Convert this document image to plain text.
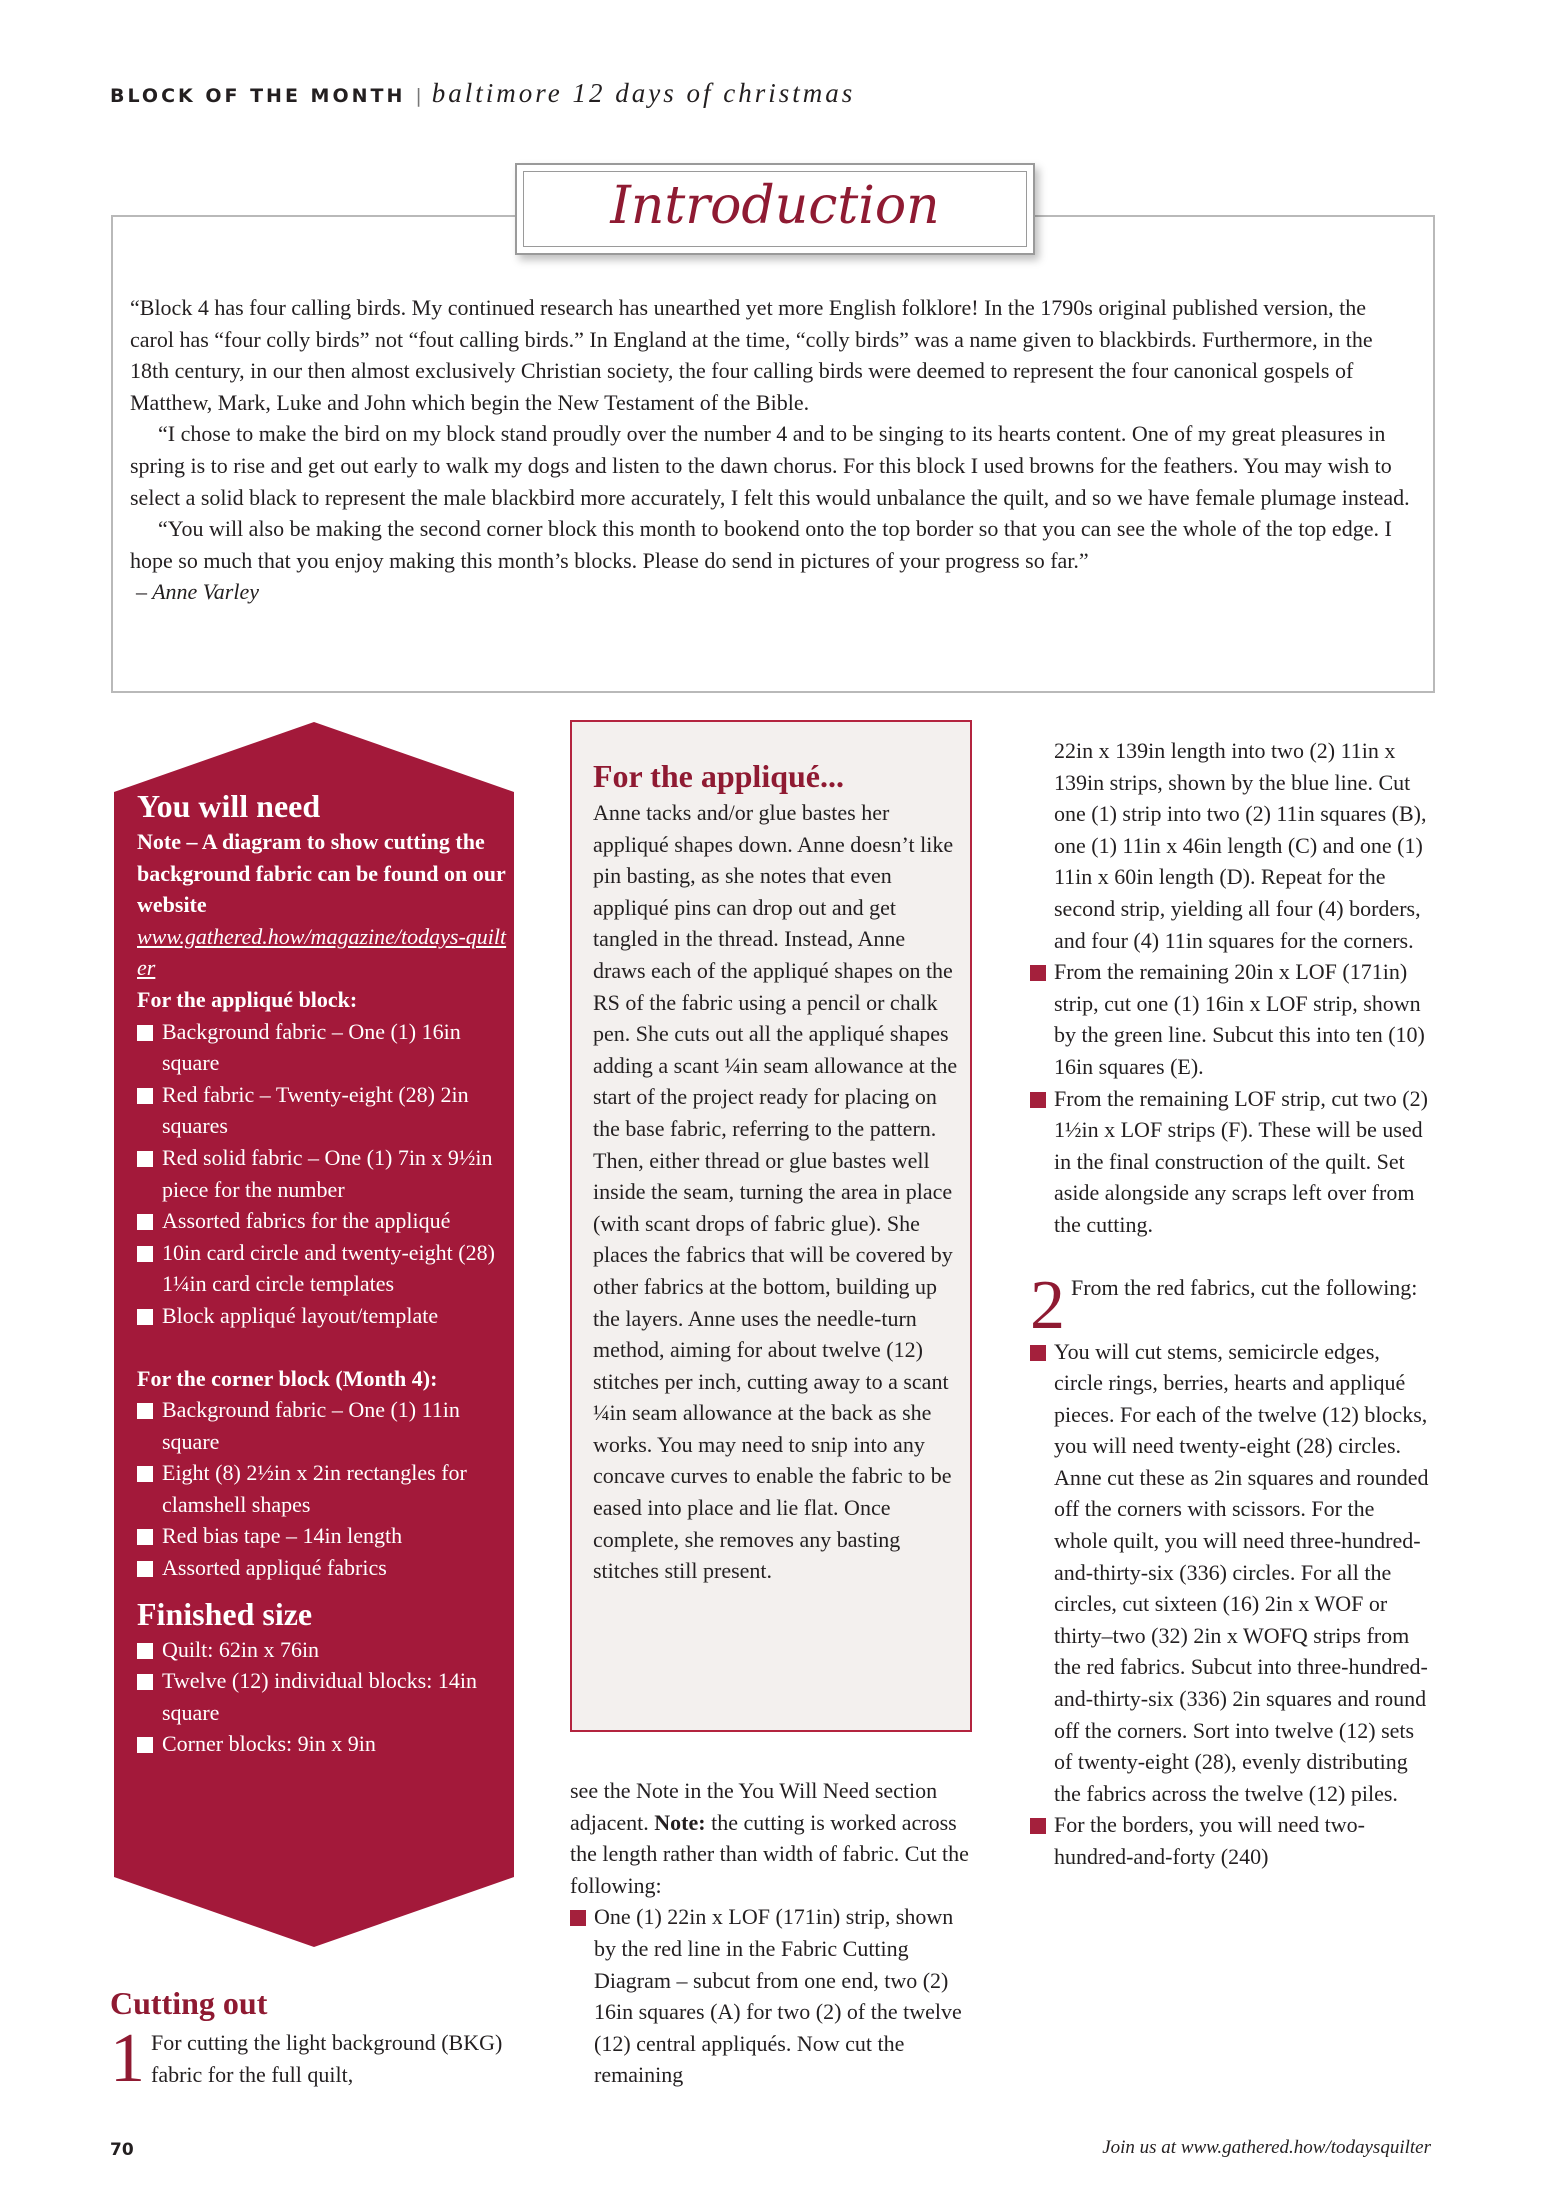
BLOCK OF THE MONTH | baltimore 12 days of christmas
Introduction

“Block 4 has four calling birds. My continued research has unearthed yet more English folklore! In the 1790s original published version, the carol has “four colly birds” not “fout calling birds.” In England at the time, “colly birds” was a name given to blackbirds. Furthermore, in the 18th century, in our then almost exclusively Christian society, the four calling birds were deemed to represent the four canonical gospels of Matthew, Mark, Luke and John which begin the New Testament of the Bible.

“I chose to make the bird on my block stand proudly over the number 4 and to be singing to its hearts content. One of my great pleasures in spring is to rise and get out early to walk my dogs and listen to the dawn chorus. For this block I used browns for the feathers. You may wish to select a solid black to represent the male blackbird more accurately, I felt this would unbalance the quilt, and so we have female plumage instead.

“You will also be making the second corner block this month to bookend onto the top border so that you can see the whole of the top edge. I hope so much that you enjoy making this month’s blocks. Please do send in pictures of your progress so far.”

– Anne Varley

You will need
Note – A diagram to show cutting the background fabric can be found on our website
www.gathered.how/magazine/todays-quilter
For the appliqué block:
Background fabric – One (1) 16in square
Red fabric – Twenty-eight (28) 2in squares
Red solid fabric – One (1) 7in x 9½in piece for the number
Assorted fabrics for the appliqué
10in card circle and twenty-eight (28) 1¼in card circle templates
Block appliqué layout/template
For the corner block (Month 4):
Background fabric – One (1) 11in square
Eight (8) 2½in x 2in rectangles for clamshell shapes
Red bias tape – 14in length
Assorted appliqué fabrics
Finished size
Quilt: 62in x 76in
Twelve (12) individual blocks: 14in square
Corner blocks: 9in x 9in
Cutting out
1 For cutting the light background (BKG) fabric for the full quilt,
For the appliqué...
Anne tacks and/or glue bastes her appliqué shapes down. Anne doesn’t like pin basting, as she notes that even appliqué pins can drop out and get tangled in the thread. Instead, Anne draws each of the appliqué shapes on the RS of the fabric using a pencil or chalk pen. She cuts out all the appliqué shapes adding a scant ¼in seam allowance at the start of the project ready for placing on the base fabric, referring to the pattern. Then, either thread or glue bastes well inside the seam, turning the area in place (with scant drops of fabric glue). She places the fabrics that will be covered by other fabrics at the bottom, building up the layers. Anne uses the needle-turn method, aiming for about twelve (12) stitches per inch, cutting away to a scant ¼in seam allowance at the back as she works. You may need to snip into any concave curves to enable the fabric to be eased into place and lie flat. Once complete, she removes any basting stitches still present.

see the Note in the You Will Need section adjacent. Note: the cutting is worked across the length rather than width of fabric. Cut the following:

One (1) 22in x LOF (171in) strip, shown by the red line in the Fabric Cutting Diagram – subcut from one end, two (2) 16in squares (A) for two (2) of the twelve (12) central appliqués. Now cut the remaining

22in x 139in length into two (2) 11in x 139in strips, shown by the blue line. Cut one (1) strip into two (2) 11in squares (B), one (1) 11in x 46in length (C) and one (1) 11in x 60in length (D). Repeat for the second strip, yielding all four (4) borders, and four (4) 11in squares for the corners.

From the remaining 20in x LOF (171in) strip, cut one (1) 16in x LOF strip, shown by the green line. Subcut this into ten (10) 16in squares (E).
From the remaining LOF strip, cut two (2) 1½in x LOF strips (F). These will be used in the final construction of the quilt. Set aside alongside any scraps left over from the cutting.
2 From the red fabrics, cut the following:
You will cut stems, semicircle edges, circle rings, berries, hearts and appliqué pieces. For each of the twelve (12) blocks, you will need twenty-eight (28) circles. Anne cut these as 2in squares and rounded off the corners with scissors. For the whole quilt, you will need three-hundred-and-thirty-six (336) circles. For all the circles, cut sixteen (16) 2in x WOF or thirty–two (32) 2in x WOFQ strips from the red fabrics. Subcut into three-hundred-and-thirty-six (336) 2in squares and round off the corners. Sort into twelve (12) sets of twenty-eight (28), evenly distributing the fabrics across the twelve (12) piles.
For the borders, you will need two-hundred-and-forty (240)
70	Join us at www.gathered.how/todaysquilter
